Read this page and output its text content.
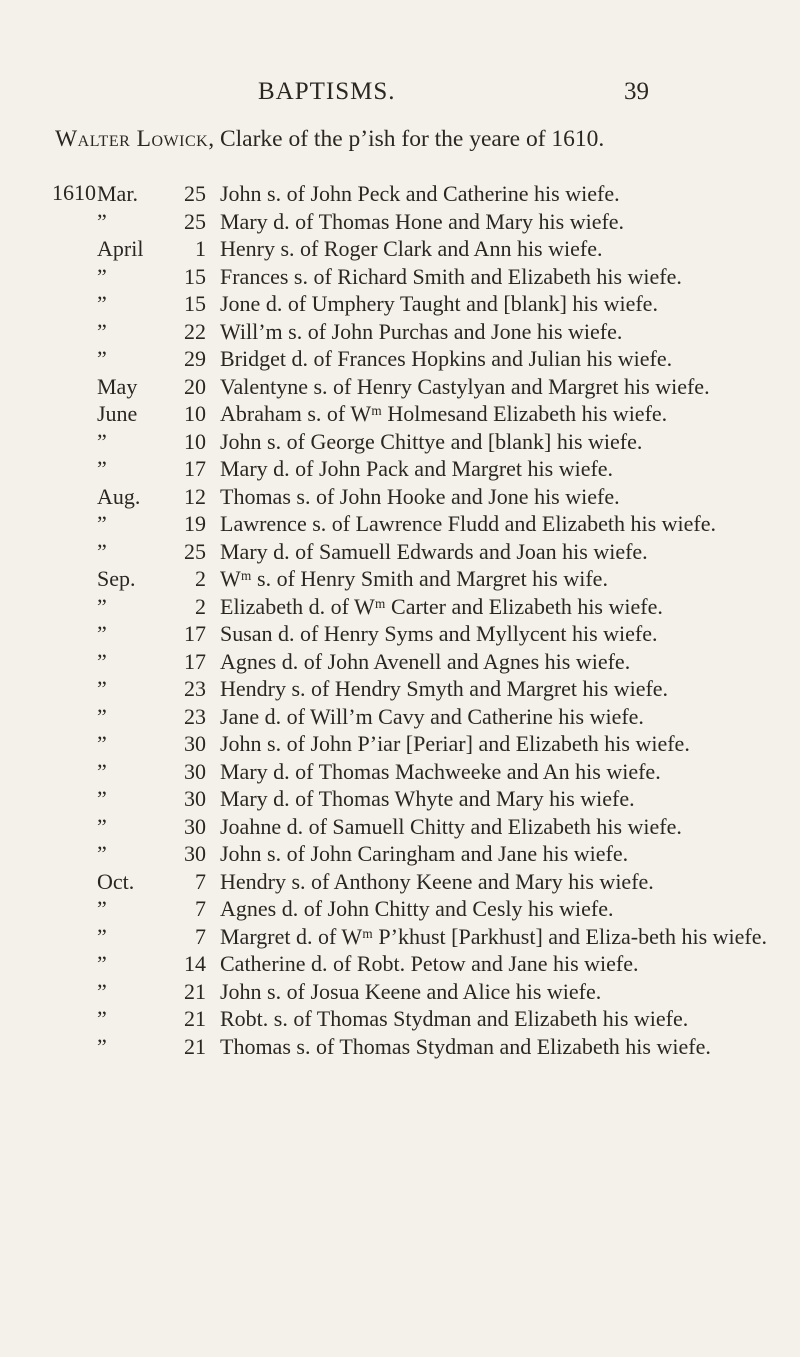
BAPTISMS.	39
Walter Lowick, Clarke of the p’ish for the yeare of 1610.
1610 Mar.	25 John s. of John Peck and Catherine his wiefe.
”	25 Mary d. of Thomas Hone and Mary his wiefe.
April	1 Henry s. of Roger Clark and Ann his wiefe.
”	15 Frances s. of Richard Smith and Elizabeth his wiefe.
”	15 Jone d. of Umphery Taught and [blank] his wiefe.
”	22 Will’m s. of John Purchas and Jone his wiefe.
”	29 Bridget d. of Frances Hopkins and Julian his wiefe.
May	20 Valentyne s. of Henry Castylyan and Margret his wiefe.
June	10 Abraham s. of Wᵐ Holmesand Elizabeth his wiefe.
”	10 John s. of George Chittye and [blank] his wiefe.
”	17 Mary d. of John Pack and Margret his wiefe.
Aug.	12 Thomas s. of John Hooke and Jone his wiefe.
”	19 Lawrence s. of Lawrence Fludd and Elizabeth his wiefe.
”	25 Mary d. of Samuell Edwards and Joan his wiefe.
Sep.	2 Wᵐ s. of Henry Smith and Margret his wife.
”	2 Elizabeth d. of Wᵐ Carter and Elizabeth his wiefe.
”	17 Susan d. of Henry Syms and Myllycent his wiefe.
”	17 Agnes d. of John Avenell and Agnes his wiefe.
”	23 Hendry s. of Hendry Smyth and Margret his wiefe.
”	23 Jane d. of Will’m Cavy and Catherine his wiefe.
”	30 John s. of John P’iar [Periar] and Elizabeth his wiefe.
”	30 Mary d. of Thomas Machweeke and An his wiefe.
”	30 Mary d. of Thomas Whyte and Mary his wiefe.
”	30 Joahne d. of Samuell Chitty and Elizabeth his wiefe.
”	30 John s. of John Caringham and Jane his wiefe.
Oct.	7 Hendry s. of Anthony Keene and Mary his wiefe.
”	7 Agnes d. of John Chitty and Cesly his wiefe.
”	7 Margret d. of Wᵐ P’khust [Parkhust] and Eliza-beth his wiefe.
”	14 Catherine d. of Robt. Petow and Jane his wiefe.
”	21 John s. of Josua Keene and Alice his wiefe.
”	21 Robt. s. of Thomas Stydman and Elizabeth his wiefe.
”	21 Thomas s. of Thomas Stydman and Elizabeth his wiefe.
